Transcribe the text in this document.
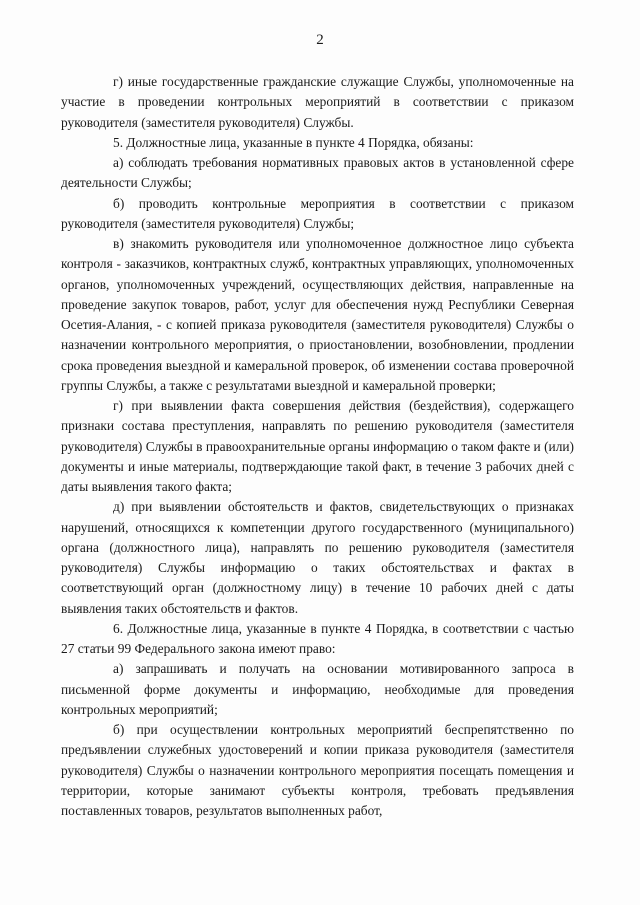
2

г) иные государственные гражданские служащие Службы, уполномоченные на участие в проведении контрольных мероприятий в соответствии с приказом руководителя (заместителя руководителя) Службы.

5. Должностные лица, указанные в пункте 4 Порядка, обязаны:

а) соблюдать требования нормативных правовых актов в установленной сфере деятельности Службы;

б) проводить контрольные мероприятия в соответствии с приказом руководителя (заместителя руководителя) Службы;

в) знакомить руководителя или уполномоченное должностное лицо субъекта контроля - заказчиков, контрактных служб, контрактных управляющих, уполномоченных органов, уполномоченных учреждений, осуществляющих действия, направленные на проведение закупок товаров, работ, услуг для обеспечения нужд Республики Северная Осетия-Алания, - с копией приказа руководителя (заместителя руководителя) Службы о назначении контрольного мероприятия, о приостановлении, возобновлении, продлении срока проведения выездной и камеральной проверок, об изменении состава проверочной группы Службы, а также с результатами выездной и камеральной проверки;

г) при выявлении факта совершения действия (бездействия), содержащего признаки состава преступления, направлять по решению руководителя (заместителя руководителя) Службы в правоохранительные органы информацию о таком факте и (или) документы и иные материалы, подтверждающие такой факт, в течение 3 рабочих дней с даты выявления такого факта;

д) при выявлении обстоятельств и фактов, свидетельствующих о признаках нарушений, относящихся к компетенции другого государственного (муниципального) органа (должностного лица), направлять по решению руководителя (заместителя руководителя) Службы информацию о таких обстоятельствах и фактах в соответствующий орган (должностному лицу) в течение 10 рабочих дней с даты выявления таких обстоятельств и фактов.

6. Должностные лица, указанные в пункте 4 Порядка, в соответствии с частью 27 статьи 99 Федерального закона имеют право:

а) запрашивать и получать на основании мотивированного запроса в письменной форме документы и информацию, необходимые для проведения контрольных мероприятий;

б) при осуществлении контрольных мероприятий беспрепятственно по предъявлении служебных удостоверений и копии приказа руководителя (заместителя руководителя) Службы о назначении контрольного мероприятия посещать помещения и территории, которые занимают субъекты контроля, требовать предъявления поставленных товаров, результатов выполненных работ,
